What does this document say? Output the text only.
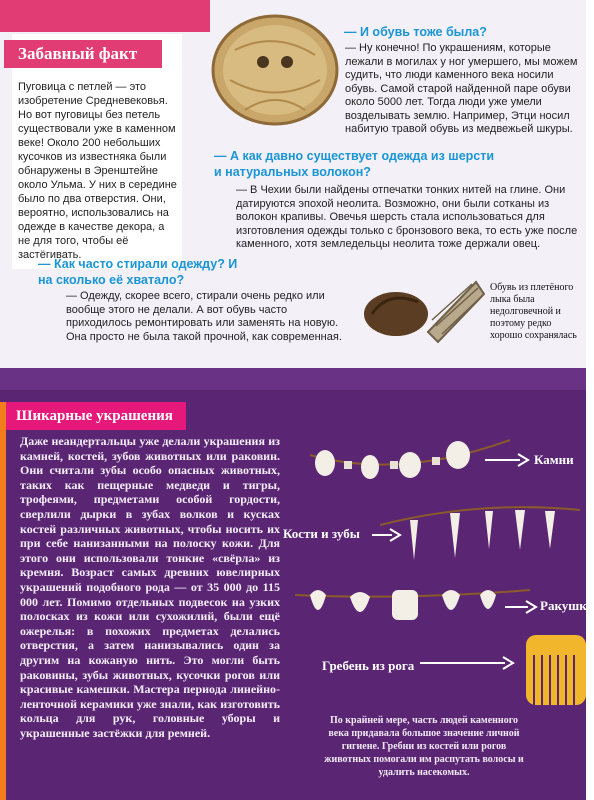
Забавный факт
Пуговица с петлей — это изобретение Средневековья. Но вот пуговицы без петель существовали уже в каменном веке! Около 200 небольших кусочков из известняка были обнаружены в Эренштейне около Ульма. У них в середине было по два отверстия. Они, вероятно, использовались на одежде в качестве декора, а не для того, чтобы её застёгивать.
— И обувь тоже была?
— Ну конечно! По украшениям, которые лежали в могилах у ног умершего, мы можем судить, что люди каменного века носили обувь. Самой старой найденной паре обуви около 5000 лет. Тогда люди уже умели возделывать землю. Например, Этци носил набитую травой обувь из медвежьей шкуры.
— А как давно существует одежда из шерсти и натуральных волокон?
— В Чехии были найдены отпечатки тонких нитей на глине. Они датируются эпохой неолита. Возможно, они были сотканы из волокон крапивы. Овечья шерсть стала использоваться для изготовления одежды только с бронзового века, то есть уже после каменного, хотя земледельцы неолита тоже держали овец.
— Как часто стирали одежду? И на сколько её хватало?
— Одежду, скорее всего, стирали очень редко или вообще этого не делали. А вот обувь часто приходилось ремонтировать или заменять на новую. Она просто не была такой прочной, как современная.
Обувь из плетёного лыка была недолговечной и поэтому редко хорошо сохранялась
Шикарные украшения
Даже неандертальцы уже делали украшения из камней, костей, зубов животных или раковин. Они считали зубы особо опасных животных, таких как пещерные медведи и тигры, трофеями, предметами особой гордости, сверлили дырки в зубах волков и кусках костей различных животных, чтобы носить их при себе нанизанными на полоску кожи. Для этого они использовали тонкие «свёрла» из кремня. Возраст самых древних ювелирных украшений подобного рода — от 35 000 до 115 000 лет. Помимо отдельных подвесок на узких полосках из кожи или сухожилий, были ещё ожерелья: в похожих предметах делались отверстия, а затем нанизывались один за другим на кожаную нить. Это могли быть раковины, зубы животных, кусочки рогов или красивые камешки. Мастера периода линейно-ленточной керамики уже знали, как изготовить кольца для рук, головные уборы и украшенные застёжки для ремней.
Камни
Кости и зубы
Ракушки
Гребень из рога
По крайней мере, часть людей каменного века придавала большое значение личной гигиене. Гребни из костей или рогов животных помогали им распутать волосы и удалить насекомых.
